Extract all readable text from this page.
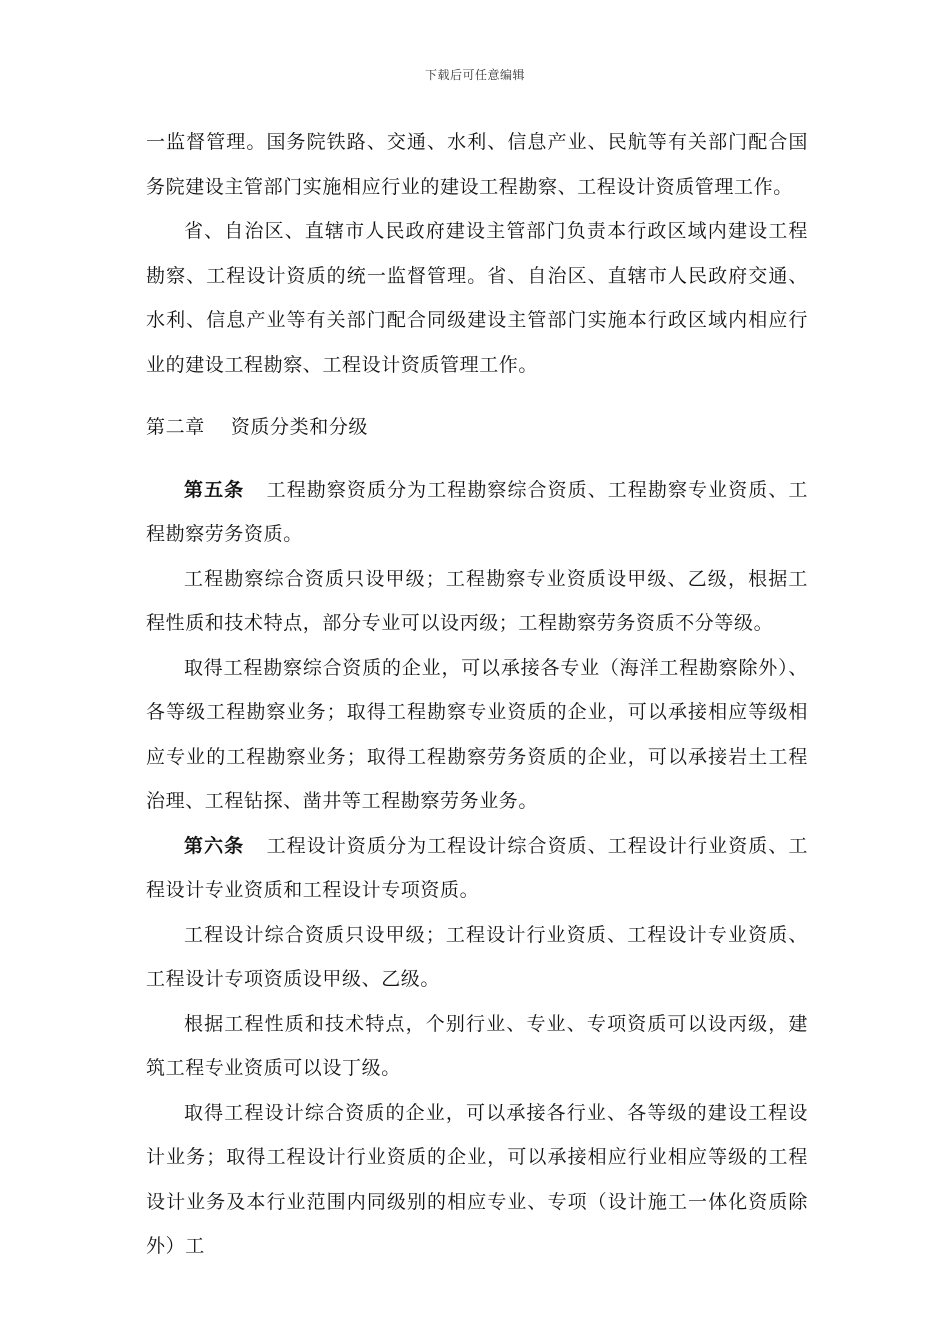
下载后可任意编辑

一监督管理。国务院铁路、交通、水利、信息产业、民航等有关部门配合国务院建设主管部门实施相应行业的建设工程勘察、工程设计资质管理工作。

省、自治区、直辖市人民政府建设主管部门负责本行政区域内建设工程勘察、工程设计资质的统一监督管理。省、自治区、直辖市人民政府交通、水利、信息产业等有关部门配合同级建设主管部门实施本行政区域内相应行业的建设工程勘察、工程设计资质管理工作。

第二章 资质分类和分级

第五条 工程勘察资质分为工程勘察综合资质、工程勘察专业资质、工程勘察劳务资质。

工程勘察综合资质只设甲级；工程勘察专业资质设甲级、乙级，根据工程性质和技术特点，部分专业可以设丙级；工程勘察劳务资质不分等级。

取得工程勘察综合资质的企业，可以承接各专业（海洋工程勘察除外）、各等级工程勘察业务；取得工程勘察专业资质的企业，可以承接相应等级相应专业的工程勘察业务；取得工程勘察劳务资质的企业，可以承接岩土工程治理、工程钻探、凿井等工程勘察劳务业务。

第六条 工程设计资质分为工程设计综合资质、工程设计行业资质、工程设计专业资质和工程设计专项资质。

工程设计综合资质只设甲级；工程设计行业资质、工程设计专业资质、工程设计专项资质设甲级、乙级。

根据工程性质和技术特点，个别行业、专业、专项资质可以设丙级，建筑工程专业资质可以设丁级。

取得工程设计综合资质的企业，可以承接各行业、各等级的建设工程设计业务；取得工程设计行业资质的企业，可以承接相应行业相应等级的工程设计业务及本行业范围内同级别的相应专业、专项（设计施工一体化资质除外）工
